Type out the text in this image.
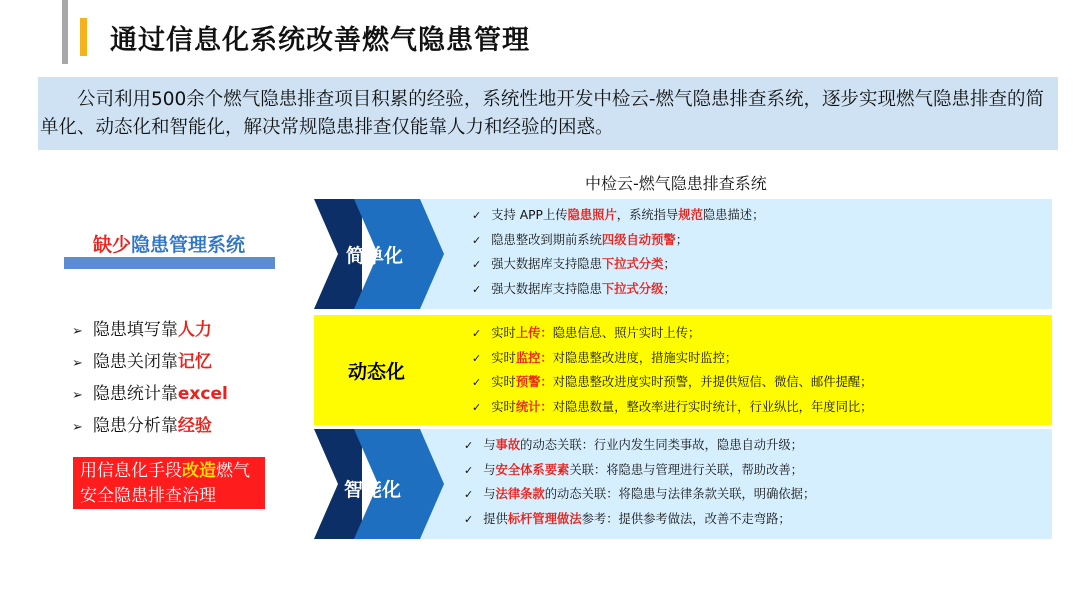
通过信息化系统改善燃气隐患管理
公司利用500余个燃气隐患排查项目积累的经验，系统性地开发中检云-燃气隐患排查系统，逐步实现燃气隐患排查的简单化、动态化和智能化，解决常规隐患排查仅能靠人力和经验的困惑。
缺少隐患管理系统
➢ 隐患填写靠人力
➢ 隐患关闭靠记忆
➢ 隐患统计靠excel
➢ 隐患分析靠经验
用信息化手段改造燃气安全隐患排查治理
中检云-燃气隐患排查系统
简单化
✓ 支持 APP上传隐患照片，系统指导规范隐患描述；
✓ 隐患整改到期前系统四级自动预警；
✓ 强大数据库支持隐患下拉式分类；
✓ 强大数据库支持隐患下拉式分级；
动态化
✓ 实时上传：隐患信息、照片实时上传；
✓ 实时监控：对隐患整改进度，措施实时监控；
✓ 实时预警：对隐患整改进度实时预警，并提供短信、微信、邮件提醒；
✓ 实时统计：对隐患数量，整改率进行实时统计，行业纵比，年度同比；
智能化
✓ 与事故的动态关联：行业内发生同类事故，隐患自动升级；
✓ 与安全体系要素关联：将隐患与管理进行关联，帮助改善；
✓ 与法律条款的动态关联：将隐患与法律条款关联，明确依据；
✓ 提供标杆管理做法参考：提供参考做法，改善不走弯路；
